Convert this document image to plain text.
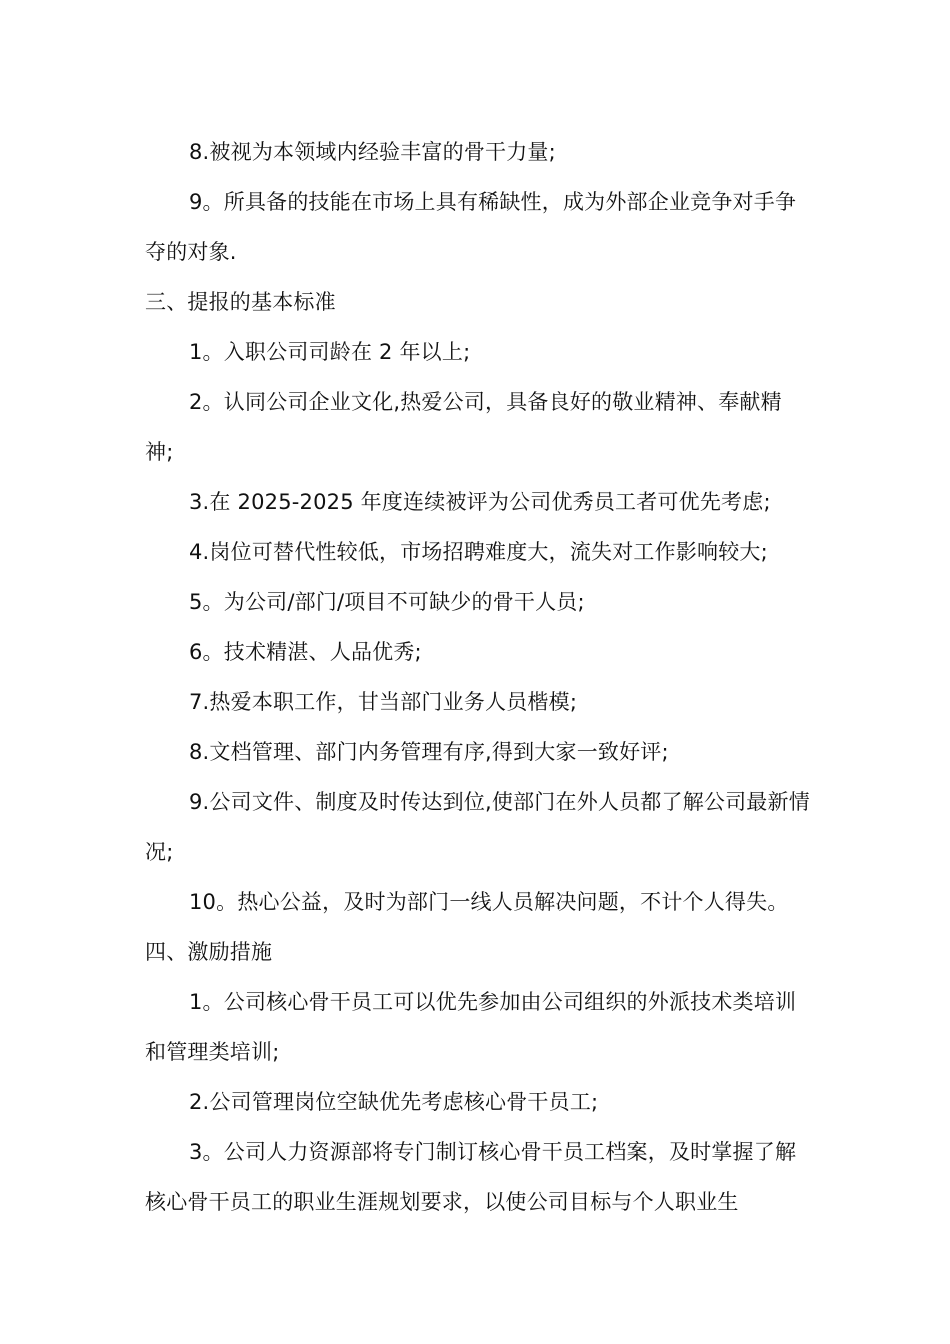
8.被视为本领域内经验丰富的骨干力量;

9。所具备的技能在市场上具有稀缺性，成为外部企业竞争对手争夺的对象.

三、提报的基本标准

1。入职公司司龄在 2 年以上;

2。认同公司企业文化,热爱公司，具备良好的敬业精神、奉献精神;

3.在 2025-2025 年度连续被评为公司优秀员工者可优先考虑;

4.岗位可替代性较低，市场招聘难度大，流失对工作影响较大;

5。为公司/部门/项目不可缺少的骨干人员;

6。技术精湛、人品优秀;

7.热爱本职工作，甘当部门业务人员楷模;

8.文档管理、部门内务管理有序,得到大家一致好评;

9.公司文件、制度及时传达到位,使部门在外人员都了解公司最新情况;

10。热心公益，及时为部门一线人员解决问题，不计个人得失。

四、激励措施

1。公司核心骨干员工可以优先参加由公司组织的外派技术类培训和管理类培训;

2.公司管理岗位空缺优先考虑核心骨干员工;

3。公司人力资源部将专门制订核心骨干员工档案，及时掌握了解核心骨干员工的职业生涯规划要求，以使公司目标与个人职业生
